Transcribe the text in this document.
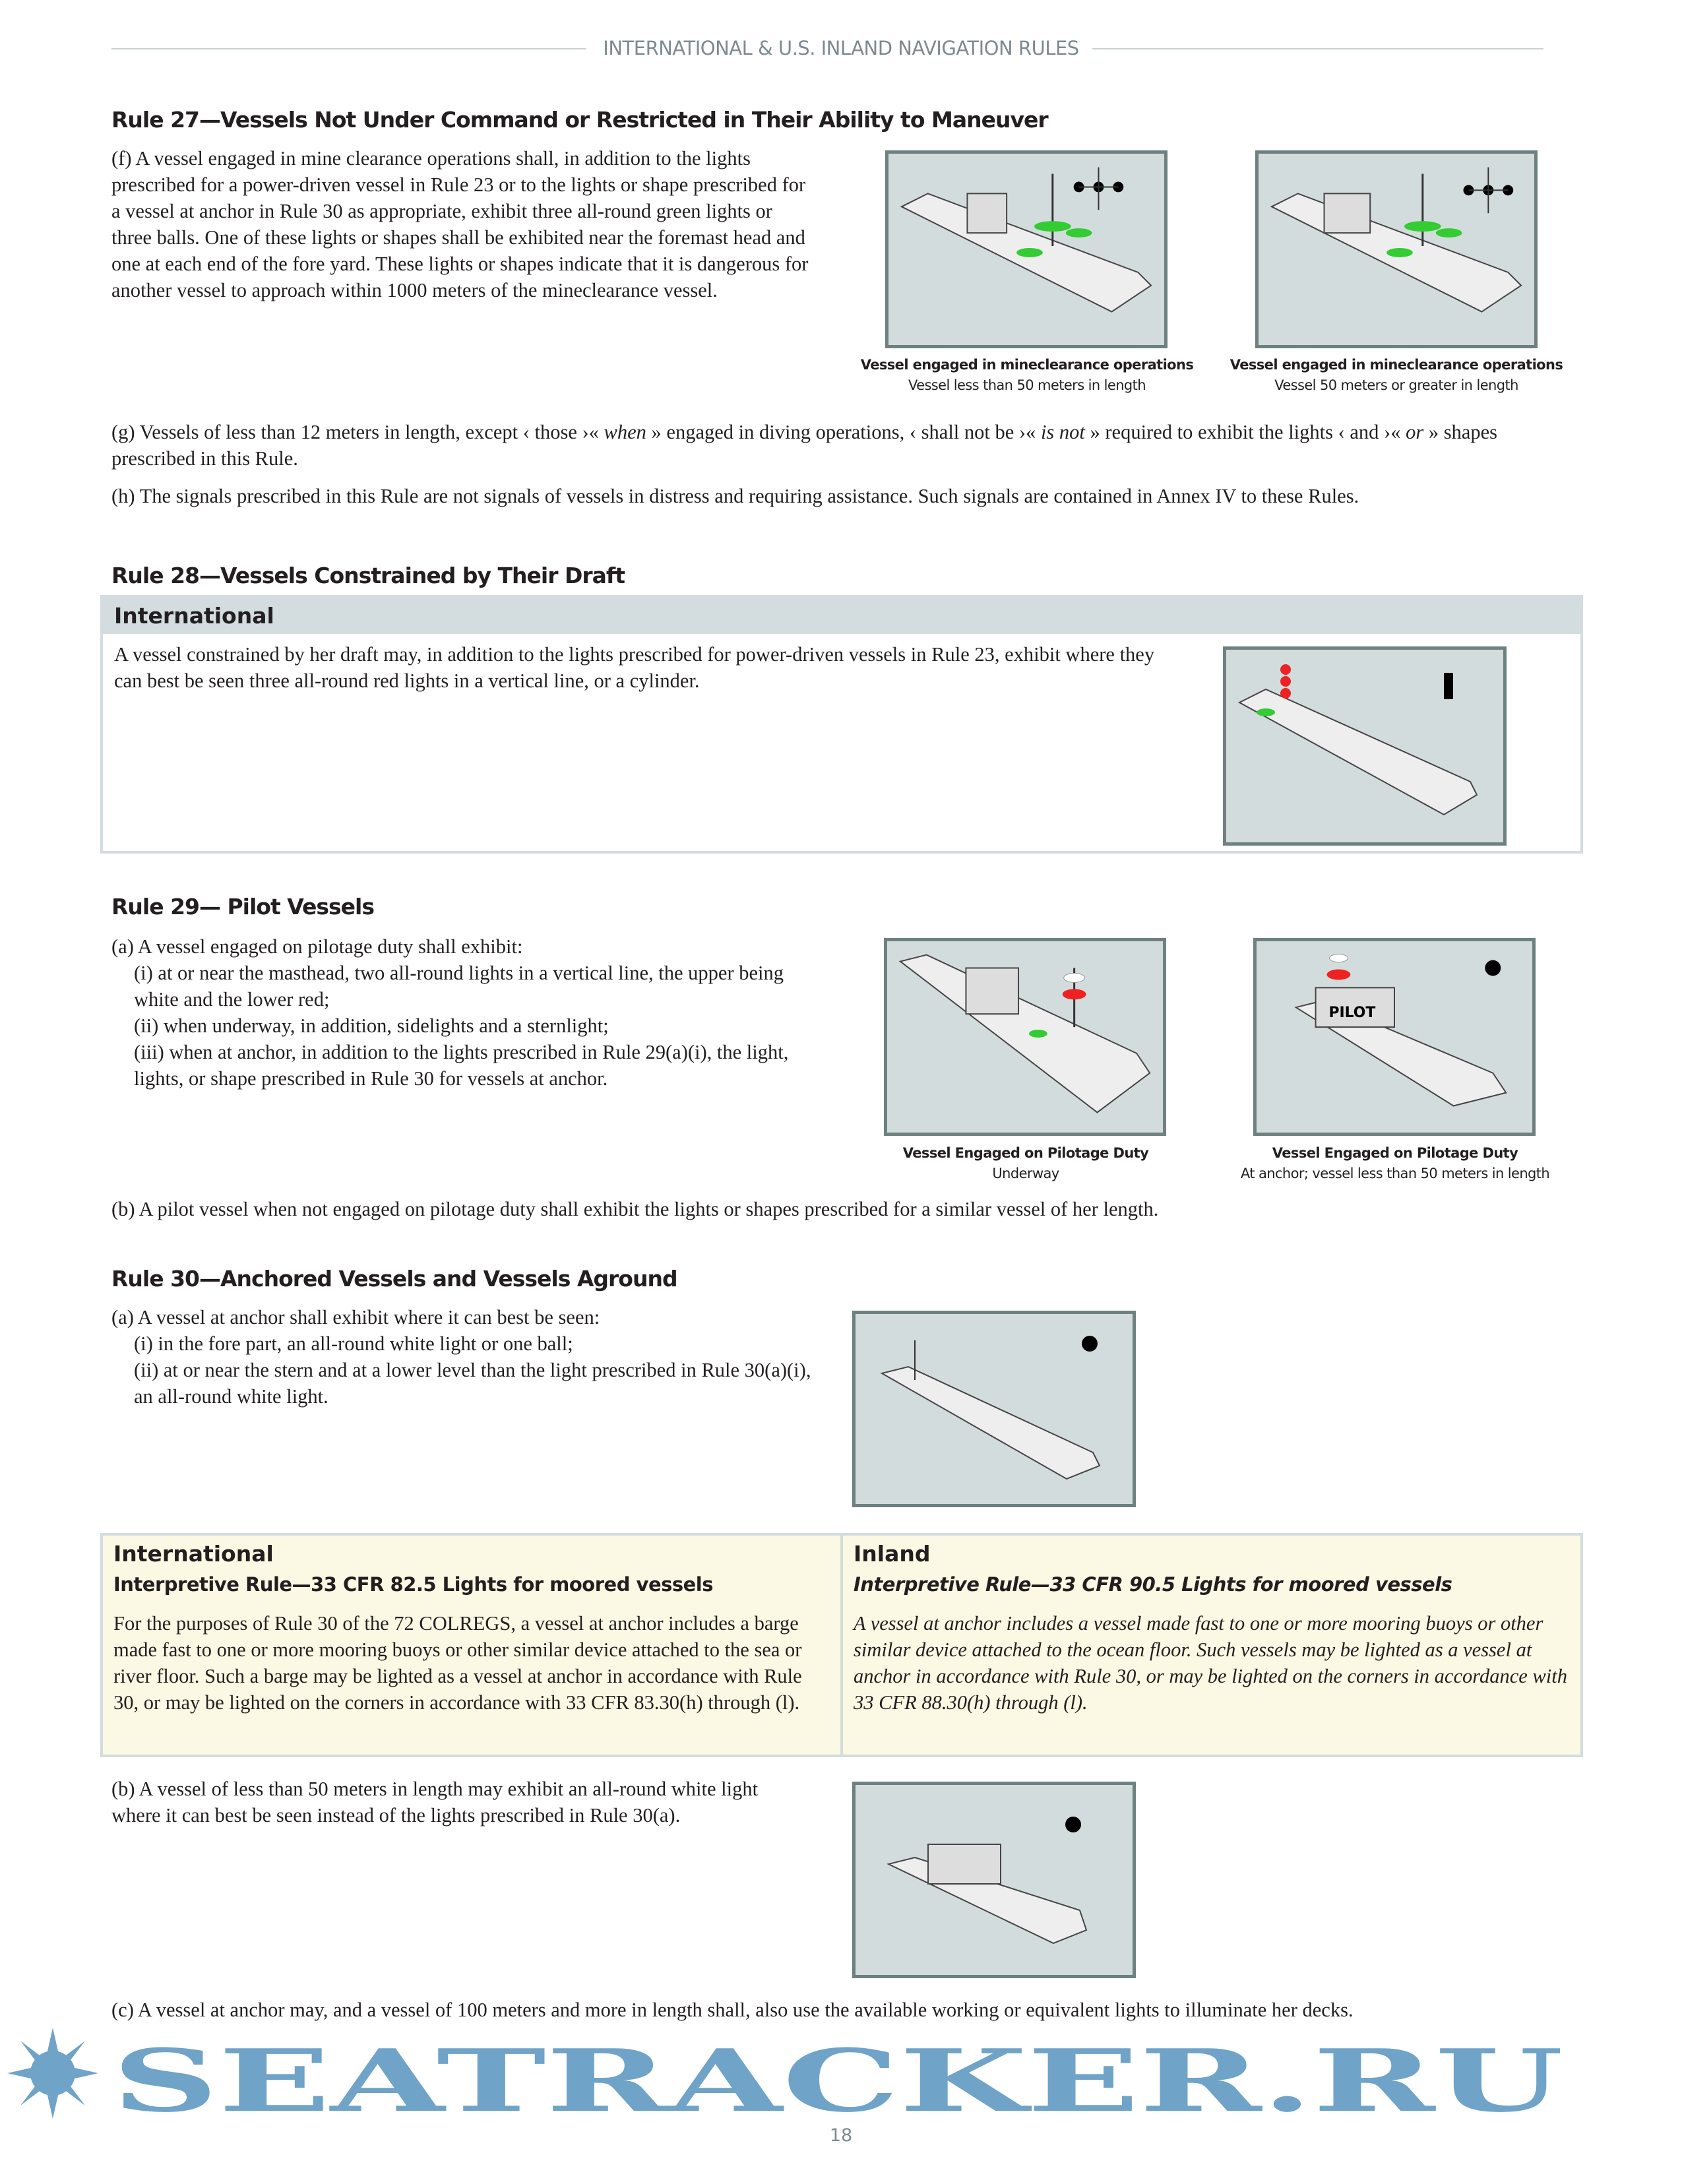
INTERNATIONAL & U.S. INLAND NAVIGATION RULES
Rule 27—Vessels Not Under Command or Restricted in Their Ability to Maneuver
(f) A vessel engaged in mine clearance operations shall, in addition to the lights prescribed for a power-driven vessel in Rule 23 or to the lights or shape prescribed for a vessel at anchor in Rule 30 as appropriate, exhibit three all-round green lights or three balls. One of these lights or shapes shall be exhibited near the foremast head and one at each end of the fore yard. These lights or shapes indicate that it is dangerous for another vessel to approach within 1000 meters of the mineclearance vessel.
Vessel engaged in mineclearance operations
Vessel less than 50 meters in length
Vessel engaged in mineclearance operations
Vessel 50 meters or greater in length
(g) Vessels of less than 12 meters in length, except ‹ those ›« when » engaged in diving operations, ‹ shall not be ›« is not » required to exhibit the lights ‹ and ›« or » shapes prescribed in this Rule.
(h) The signals prescribed in this Rule are not signals of vessels in distress and requiring assistance. Such signals are contained in Annex IV to these Rules.
Rule 28—Vessels Constrained by Their Draft
International
A vessel constrained by her draft may, in addition to the lights prescribed for power-driven vessels in Rule 23, exhibit where they can best be seen three all-round red lights in a vertical line, or a cylinder.
Rule 29— Pilot Vessels
(a) A vessel engaged on pilotage duty shall exhibit:
(i) at or near the masthead, two all-round lights in a vertical line, the upper being white and the lower red;
(ii) when underway, in addition, sidelights and a sternlight;
(iii) when at anchor, in addition to the lights prescribed in Rule 29(a)(i), the light, lights, or shape prescribed in Rule 30 for vessels at anchor.
Vessel Engaged on Pilotage Duty
Underway
PILOT
Vessel Engaged on Pilotage Duty
At anchor; vessel less than 50 meters in length
(b) A pilot vessel when not engaged on pilotage duty shall exhibit the lights or shapes prescribed for a similar vessel of her length.
Rule 30—Anchored Vessels and Vessels Aground
(a) A vessel at anchor shall exhibit where it can best be seen:
(i) in the fore part, an all-round white light or one ball;
(ii) at or near the stern and at a lower level than the light prescribed in Rule 30(a)(i), an all-round white light.
International
Interpretive Rule—33 CFR 82.5 Lights for moored vessels
For the purposes of Rule 30 of the 72 COLREGS, a vessel at anchor includes a barge made fast to one or more mooring buoys or other similar device attached to the sea or river floor. Such a barge may be lighted as a vessel at anchor in accordance with Rule 30, or may be lighted on the corners in accordance with 33 CFR 83.30(h) through (l).
Inland
Interpretive Rule—33 CFR 90.5 Lights for moored vessels
A vessel at anchor includes a vessel made fast to one or more mooring buoys or other similar device attached to the ocean floor. Such vessels may be lighted as a vessel at anchor in accordance with Rule 30, or may be lighted on the corners in accordance with 33 CFR 88.30(h) through (l).
(b) A vessel of less than 50 meters in length may exhibit an all-round white light where it can best be seen instead of the lights prescribed in Rule 30(a).
(c) A vessel at anchor may, and a vessel of 100 meters and more in length shall, also use the available working or equivalent lights to illuminate her decks.
SEATRACKER.RU
18
